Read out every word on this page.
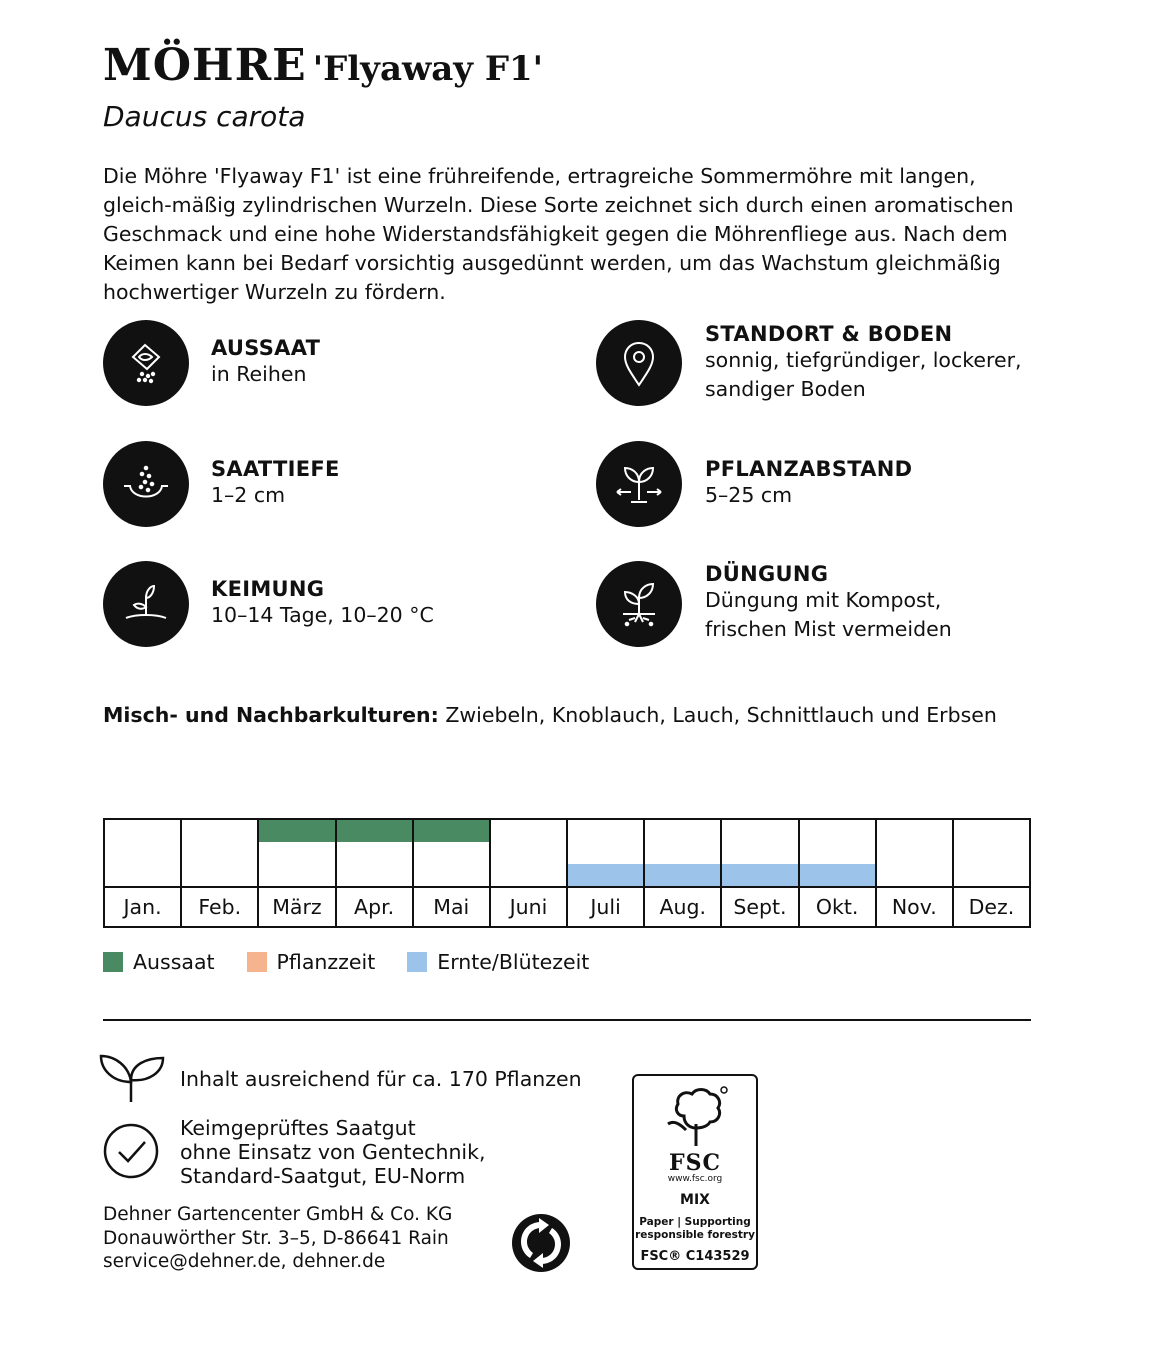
MÖHRE 'Flyaway F1'
Daucus carota
Die Möhre 'Flyaway F1' ist eine frühreifende, ertragreiche Sommermöhre mit langen, gleich-mäßig zylindrischen Wurzeln. Diese Sorte zeichnet sich durch einen aromatischen Geschmack und eine hohe Widerstandsfähigkeit gegen die Möhrenfliege aus. Nach dem Keimen kann bei Bedarf vorsichtig ausgedünnt werden, um das Wachstum gleichmäßig hochwertiger Wurzeln zu fördern.
AUSSAAT
in Reihen
SAATTIEFE
1–2 cm
KEIMUNG
10–14 Tage, 10–20 °C
STANDORT & BODEN
sonnig, tiefgründiger, lockerer,
sandiger Boden
PFLANZABSTAND
5–25 cm
DÜNGUNG
Düngung mit Kompost,
frischen Mist vermeiden
Misch- und Nachbarkulturen: Zwiebeln, Knoblauch, Lauch, Schnittlauch und Erbsen
Jan.	Feb.	März	Apr.	Mai	Juni	Juli	Aug.	Sept.	Okt.	Nov.	Dez.
Aussaat	Pflanzzeit	Ernte/Blütezeit
Inhalt ausreichend für ca. 170 Pflanzen
Keimgeprüftes Saatgut
ohne Einsatz von Gentechnik,
Standard-Saatgut, EU-Norm
Dehner Gartencenter GmbH & Co. KG
Donauwörther Str. 3–5, D-86641 Rain
service@dehner.de, dehner.de
FSC
www.fsc.org
MIX
Paper | Supporting
responsible forestry
FSC® C143529
